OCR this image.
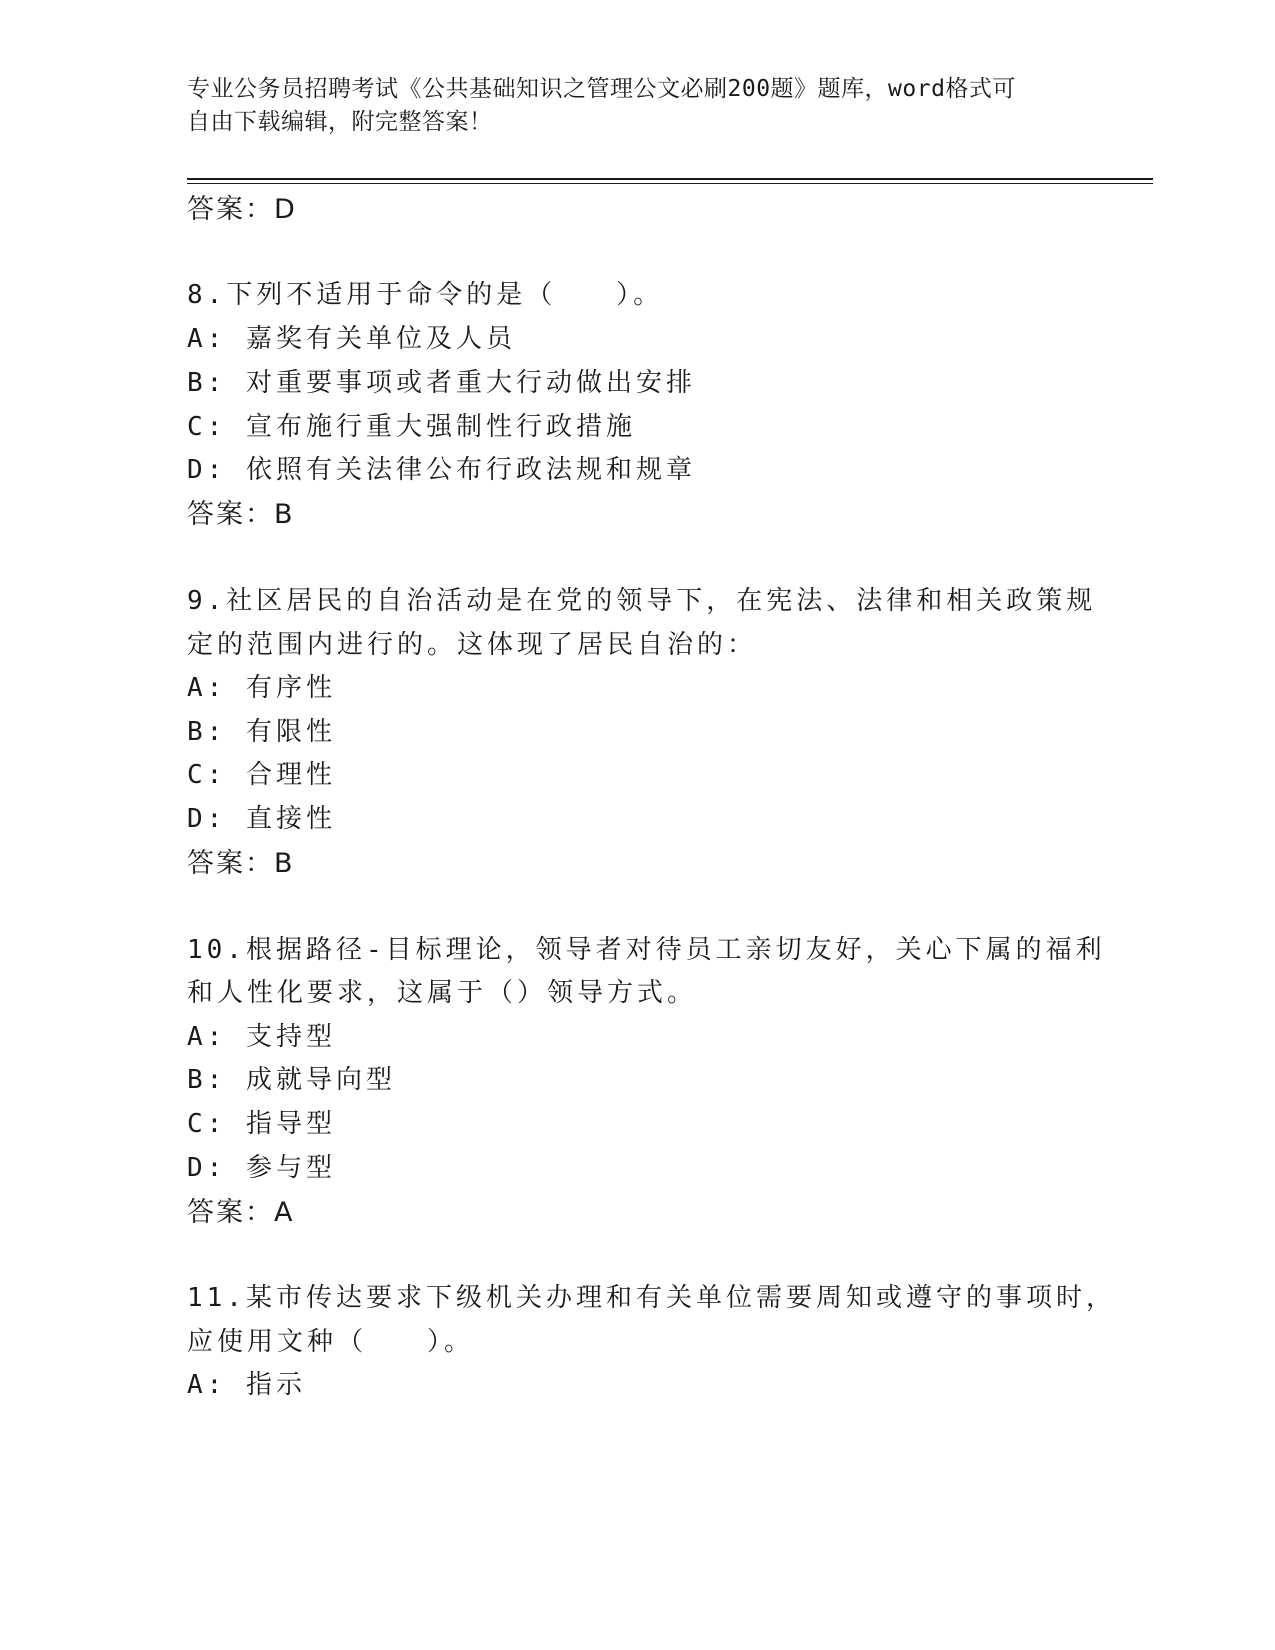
专业公务员招聘考试《公共基础知识之管理公文必刷200题》题库，word格式可
自由下载编辑，附完整答案！
答案：D
8.下列不适用于命令的是（　　）。
A: 嘉奖有关单位及人员
B: 对重要事项或者重大行动做出安排
C: 宣布施行重大强制性行政措施
D: 依照有关法律公布行政法规和规章
答案：B
9.社区居民的自治活动是在党的领导下，在宪法、法律和相关政策规
定的范围内进行的。这体现了居民自治的：
A: 有序性
B: 有限性
C: 合理性
D: 直接性
答案：B
10.根据路径-目标理论，领导者对待员工亲切友好，关心下属的福利
和人性化要求，这属于（）领导方式。
A: 支持型
B: 成就导向型
C: 指导型
D: 参与型
答案：A
11.某市传达要求下级机关办理和有关单位需要周知或遵守的事项时，
应使用文种（　　）。
A: 指示
